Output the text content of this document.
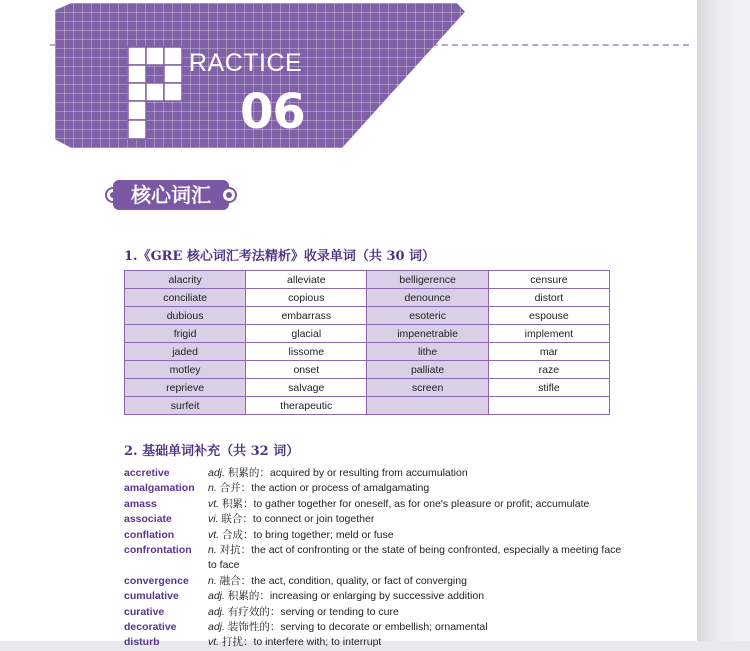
RACTICE
06
核心词汇
1.《GRE 核心词汇考法精析》收录单词（共 30 词）
alacrity	alleviate	belligerence	censure
conciliate	copious	denounce	distort
dubious	embarrass	esoteric	espouse
frigid	glacial	impenetrable	implement
jaded	lissome	lithe	mar
motley	onset	palliate	raze
reprieve	salvage	screen	stifle
surfeit	therapeutic		
2. 基础单词补充（共 32 词）
accretive	adj. 积累的：acquired by or resulting from accumulation
amalgamation	n. 合并：the action or process of amalgamating
amass	vt. 积累：to gather together for oneself, as for one's pleasure or profit; accumulate
associate	vi. 联合：to connect or join together
conflation	vt. 合成：to bring together; meld or fuse
confrontation	n. 对抗：the act of confronting or the state of being confronted, especially a meeting face to face
convergence	n. 融合：the act, condition, quality, or fact of converging
cumulative	adj. 积累的：increasing or enlarging by successive addition
curative	adj. 有疗效的：serving or tending to cure
decorative	adj. 装饰性的：serving to decorate or embellish; ornamental
disturb	vt. 打扰：to interfere with; to interrupt
